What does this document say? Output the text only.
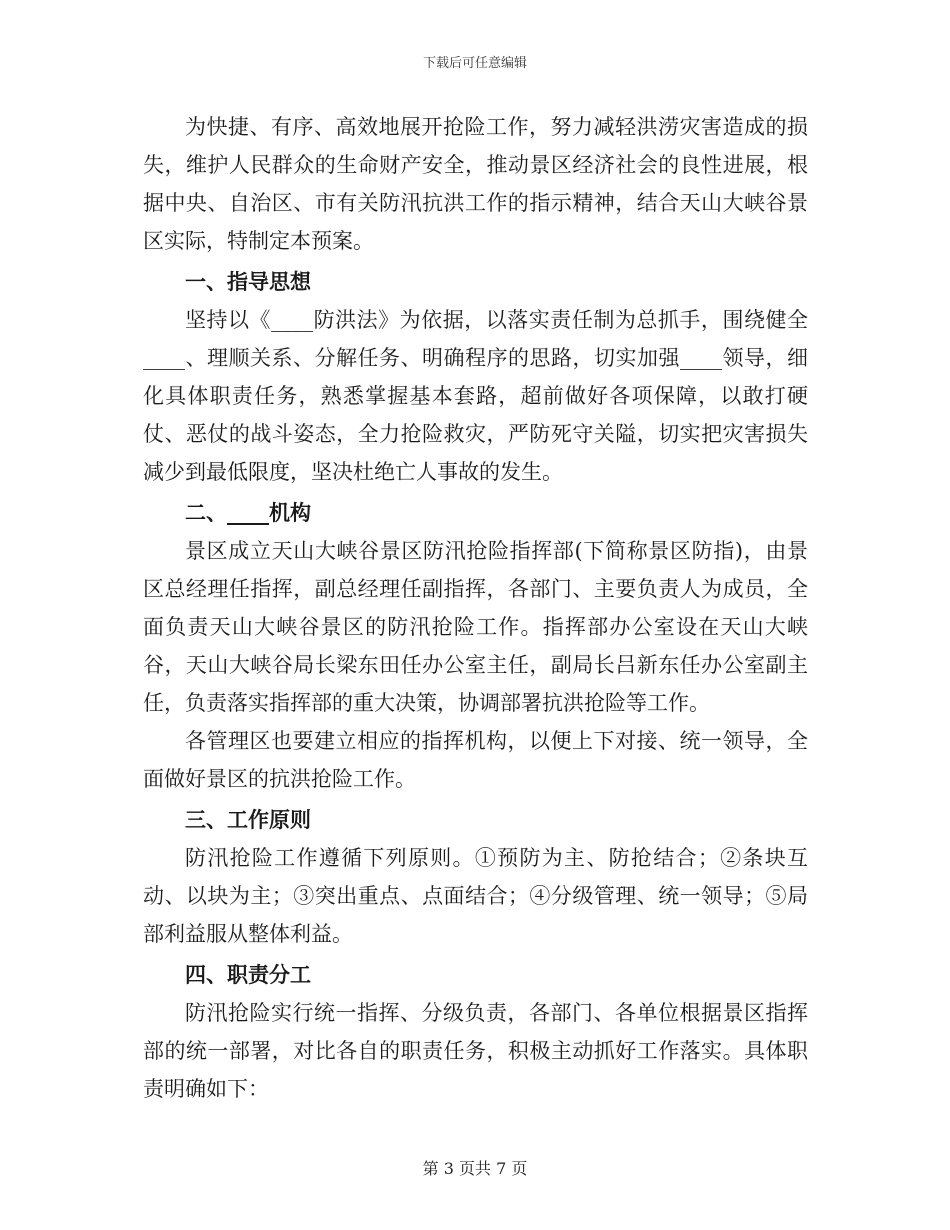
下载后可任意编辑

为快捷、有序、高效地展开抢险工作，努力减轻洪涝灾害造成的损失，维护人民群众的生命财产安全，推动景区经济社会的良性进展，根据中央、自治区、市有关防汛抗洪工作的指示精神，结合天山大峡谷景区实际，特制定本预案。

一、指导思想

坚持以《____防洪法》为依据，以落实责任制为总抓手，围绕健全____、理顺关系、分解任务、明确程序的思路，切实加强____领导，细化具体职责任务，熟悉掌握基本套路，超前做好各项保障，以敢打硬仗、恶仗的战斗姿态，全力抢险救灾，严防死守关隘，切实把灾害损失减少到最低限度，坚决杜绝亡人事故的发生。

二、____机构

景区成立天山大峡谷景区防汛抢险指挥部(下简称景区防指)，由景区总经理任指挥，副总经理任副指挥，各部门、主要负责人为成员，全面负责天山大峡谷景区的防汛抢险工作。指挥部办公室设在天山大峡谷，天山大峡谷局长梁东田任办公室主任，副局长吕新东任办公室副主任，负责落实指挥部的重大决策，协调部署抗洪抢险等工作。

各管理区也要建立相应的指挥机构，以便上下对接、统一领导，全面做好景区的抗洪抢险工作。

三、工作原则

防汛抢险工作遵循下列原则。①预防为主、防抢结合；②条块互动、以块为主；③突出重点、点面结合；④分级管理、统一领导；⑤局部利益服从整体利益。

四、职责分工

防汛抢险实行统一指挥、分级负责，各部门、各单位根据景区指挥部的统一部署，对比各自的职责任务，积极主动抓好工作落实。具体职责明确如下：

第 3 页共 7 页
